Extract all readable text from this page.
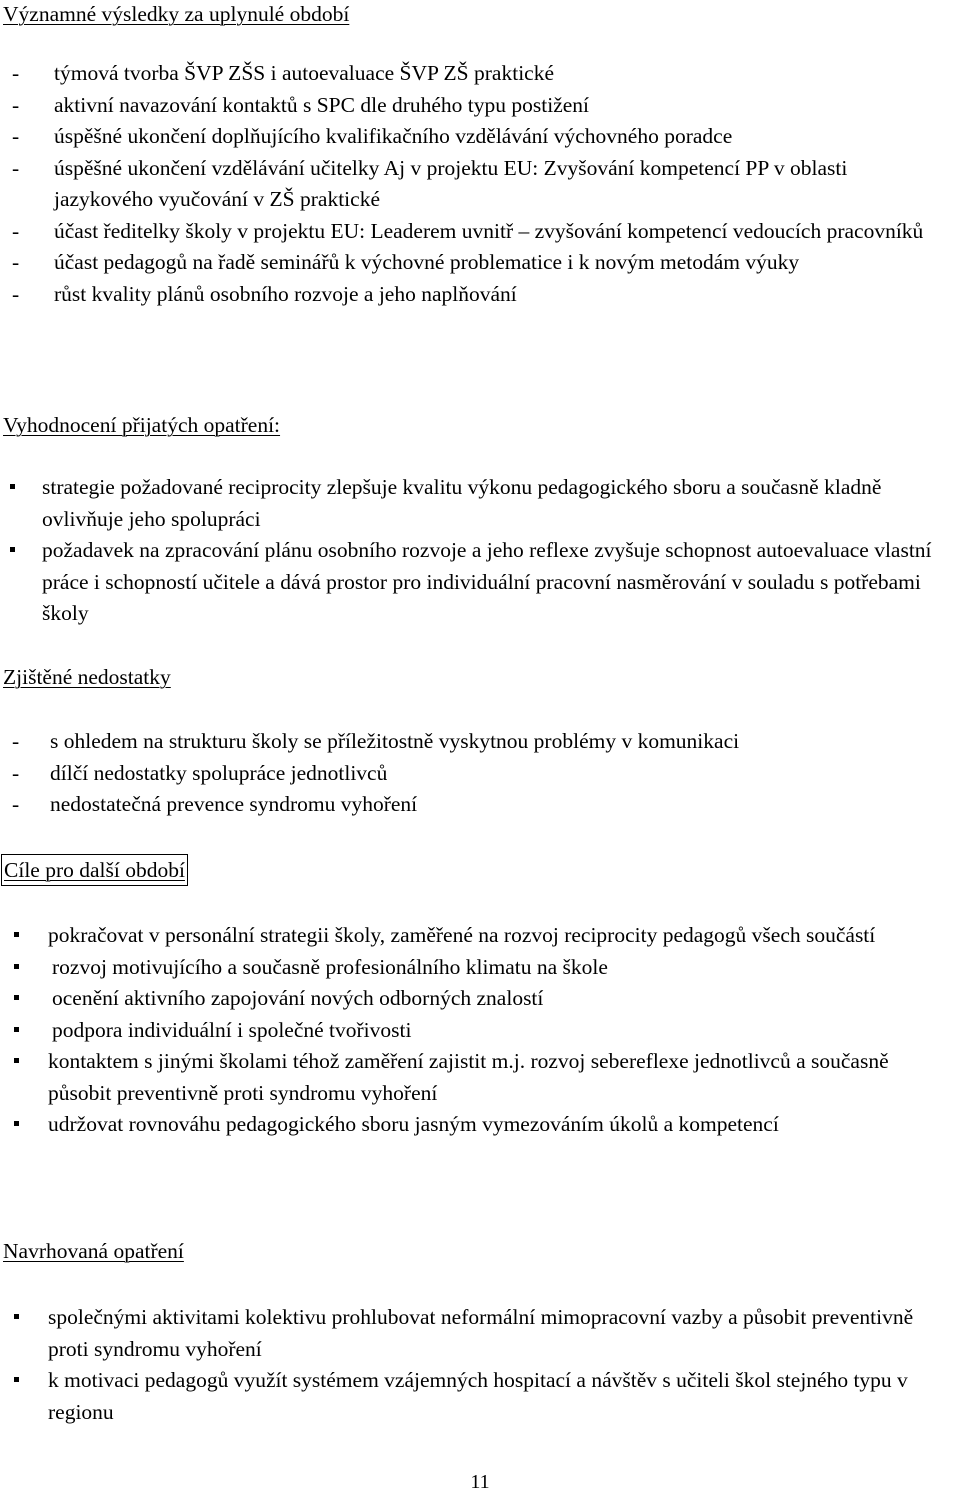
Významné výsledky za uplynulé období
-	týmová tvorba ŠVP ZŠS i autoevaluace ŠVP ZŠ praktické
-	aktivní navazování kontaktů s SPC dle druhého typu postižení
-	úspěšné ukončení doplňujícího kvalifikačního vzdělávání výchovného poradce
-	úspěšné ukončení vzdělávání učitelky Aj v projektu EU: Zvyšování kompetencí PP v oblasti jazykového vyučování v ZŠ praktické
-	účast ředitelky školy v projektu EU: Leaderem uvnitř – zvyšování kompetencí vedoucích pracovníků
-	účast pedagogů na řadě seminářů k výchovné problematice i k novým metodám výuky
-	růst kvality plánů osobního rozvoje a jeho naplňování
Vyhodnocení přijatých opatření:
strategie požadované reciprocity zlepšuje kvalitu výkonu pedagogického sboru a současně kladně ovlivňuje jeho spolupráci
požadavek na zpracování plánu osobního rozvoje a jeho reflexe zvyšuje schopnost autoevaluace vlastní práce i schopností učitele a dává prostor pro individuální pracovní nasměrování v souladu s potřebami školy
Zjištěné nedostatky
-	s ohledem na strukturu školy se příležitostně vyskytnou problémy v komunikaci
-	dílčí nedostatky spolupráce jednotlivců
-	nedostatečná prevence syndromu vyhoření
Cíle pro další období
pokračovat v personální strategii školy, zaměřené na rozvoj reciprocity pedagogů všech součástí
rozvoj motivujícího a současně profesionálního klimatu na škole
ocenění aktivního zapojování nových odborných znalostí
podpora individuální i společné tvořivosti
kontaktem s jinými školami téhož zaměření zajistit m.j. rozvoj sebereflexe jednotlivců a současně působit preventivně proti syndromu vyhoření
udržovat rovnováhu pedagogického sboru jasným vymezováním úkolů a kompetencí
Navrhovaná opatření
společnými aktivitami kolektivu prohlubovat neformální mimopracovní vazby a působit preventivně proti syndromu vyhoření
k motivaci pedagogů využít systémem vzájemných hospitací a návštěv s učiteli škol stejného typu v regionu
11
